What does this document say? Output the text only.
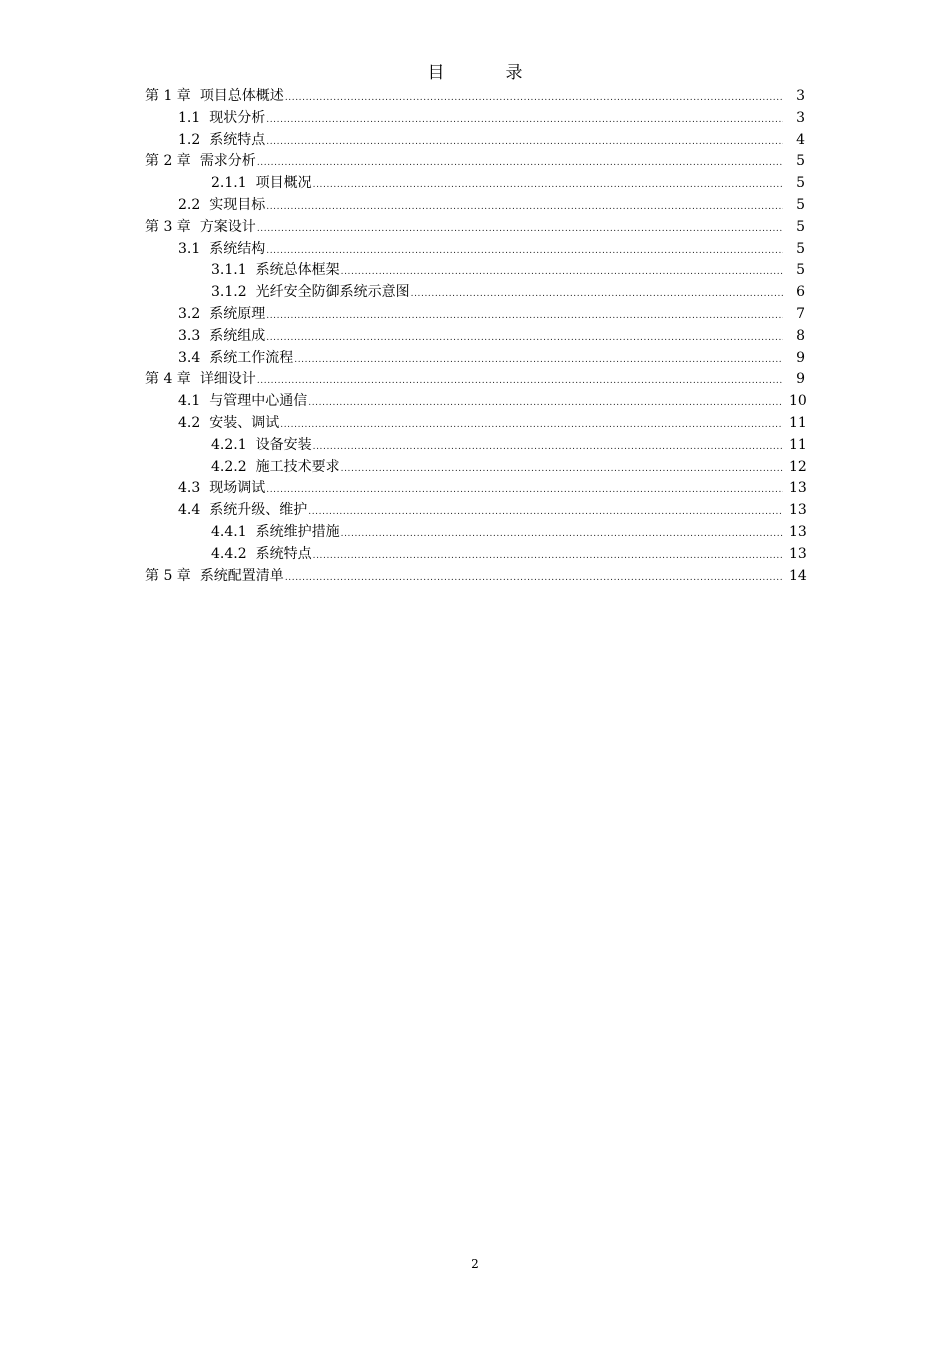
目　录
第 1 章 项目总体概述 .....	3
1.1 现状分析 .....	3
1.2 系统特点 .....	4
第 2 章 需求分析 .....	5
2.1.1 项目概况 .....	5
2.2 实现目标 .....	5
第 3 章 方案设计 .....	5
3.1 系统结构 .....	5
3.1.1 系统总体框架 .....	5
3.1.2 光纤安全防御系统示意图 .....	6
3.2 系统原理 .....	7
3.3 系统组成 .....	8
3.4 系统工作流程 .....	9
第 4 章 详细设计 .....	9
4.1 与管理中心通信 .....	10
4.2 安装、调试 .....	11
4.2.1 设备安装 .....	11
4.2.2 施工技术要求 .....	12
4.3 现场调试 .....	13
4.4 系统升级、维护 .....	13
4.4.1 系统维护措施 .....	13
4.4.2 系统特点 .....	13
第 5 章 系统配置清单 .....	14
2
